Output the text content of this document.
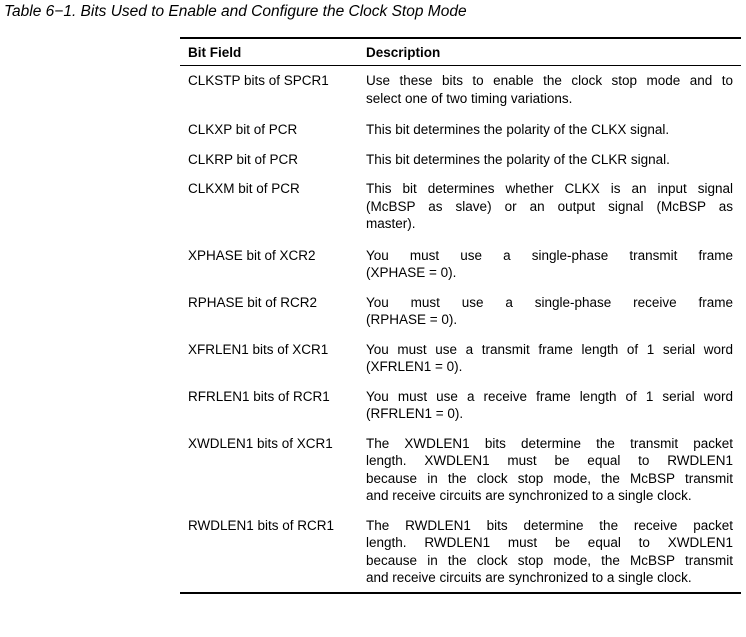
Table 6−1. Bits Used to Enable and Configure the Clock Stop Mode
Bit Field	Description
CLKSTP bits of SPCR1	Use these bits to enable the clock stop mode and to
select one of two timing variations.
CLKXP bit of PCR	This bit determines the polarity of the CLKX signal.
CLKRP bit of PCR	This bit determines the polarity of the CLKR signal.
CLKXM bit of PCR	This bit determines whether CLKX is an input signal
(McBSP as slave) or an output signal (McBSP as
master).
XPHASE bit of XCR2	You must use a single-phase transmit frame
(XPHASE = 0).
RPHASE bit of RCR2	You must use a single-phase receive frame
(RPHASE = 0).
XFRLEN1 bits of XCR1	You must use a transmit frame length of 1 serial word
(XFRLEN1 = 0).
RFRLEN1 bits of RCR1	You must use a receive frame length of 1 serial word
(RFRLEN1 = 0).
XWDLEN1 bits of XCR1	The XWDLEN1 bits determine the transmit packet
length. XWDLEN1 must be equal to RWDLEN1
because in the clock stop mode, the McBSP transmit
and receive circuits are synchronized to a single clock.
RWDLEN1 bits of RCR1	The RWDLEN1 bits determine the receive packet
length. RWDLEN1 must be equal to XWDLEN1
because in the clock stop mode, the McBSP transmit
and receive circuits are synchronized to a single clock.
